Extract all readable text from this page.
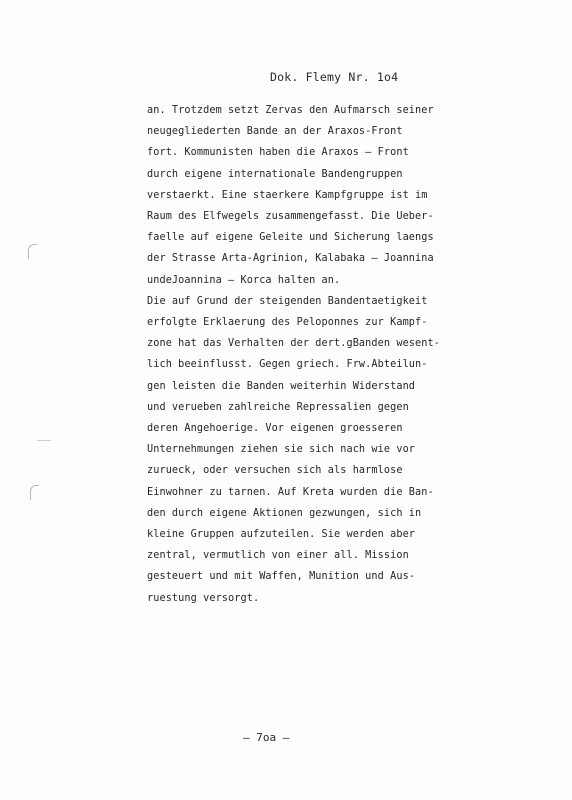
Dok. Flemy Nr. 1o4
an. Trotzdem setzt Zervas den Aufmarsch seiner
neugegliederten Bande an der Araxos-Front
fort. Kommunisten haben die Araxos – Front
durch eigene internationale Bandengruppen
verstaerkt. Eine staerkere Kampfgruppe ist im
Raum des Elfwegels zusammengefasst. Die Ueber-
faelle auf eigene Geleite und Sicherung laengs
der Strasse Arta-Agrinion, Kalabaka – Joannina
undeJoannina – Korca halten an.
Die auf Grund der steigenden Bandentaetigkeit
erfolgte Erklaerung des Peloponnes zur Kampf-
zone hat das Verhalten der dert.gBanden wesent-
lich beeinflusst. Gegen griech. Frw.Abteilun-
gen leisten die Banden weiterhin Widerstand
und verueben zahlreiche Repressalien gegen
deren Angehoerige. Vor eigenen groesseren
Unternehmungen ziehen sie sich nach wie vor
zurueck, oder versuchen sich als harmlose
Einwohner zu tarnen. Auf Kreta wurden die Ban-
den durch eigene Aktionen gezwungen, sich in
kleine Gruppen aufzuteilen. Sie werden aber
zentral, vermutlich von einer all. Mission
gesteuert und mit Waffen, Munition und Aus-
ruestung versorgt.
– 7oa –
